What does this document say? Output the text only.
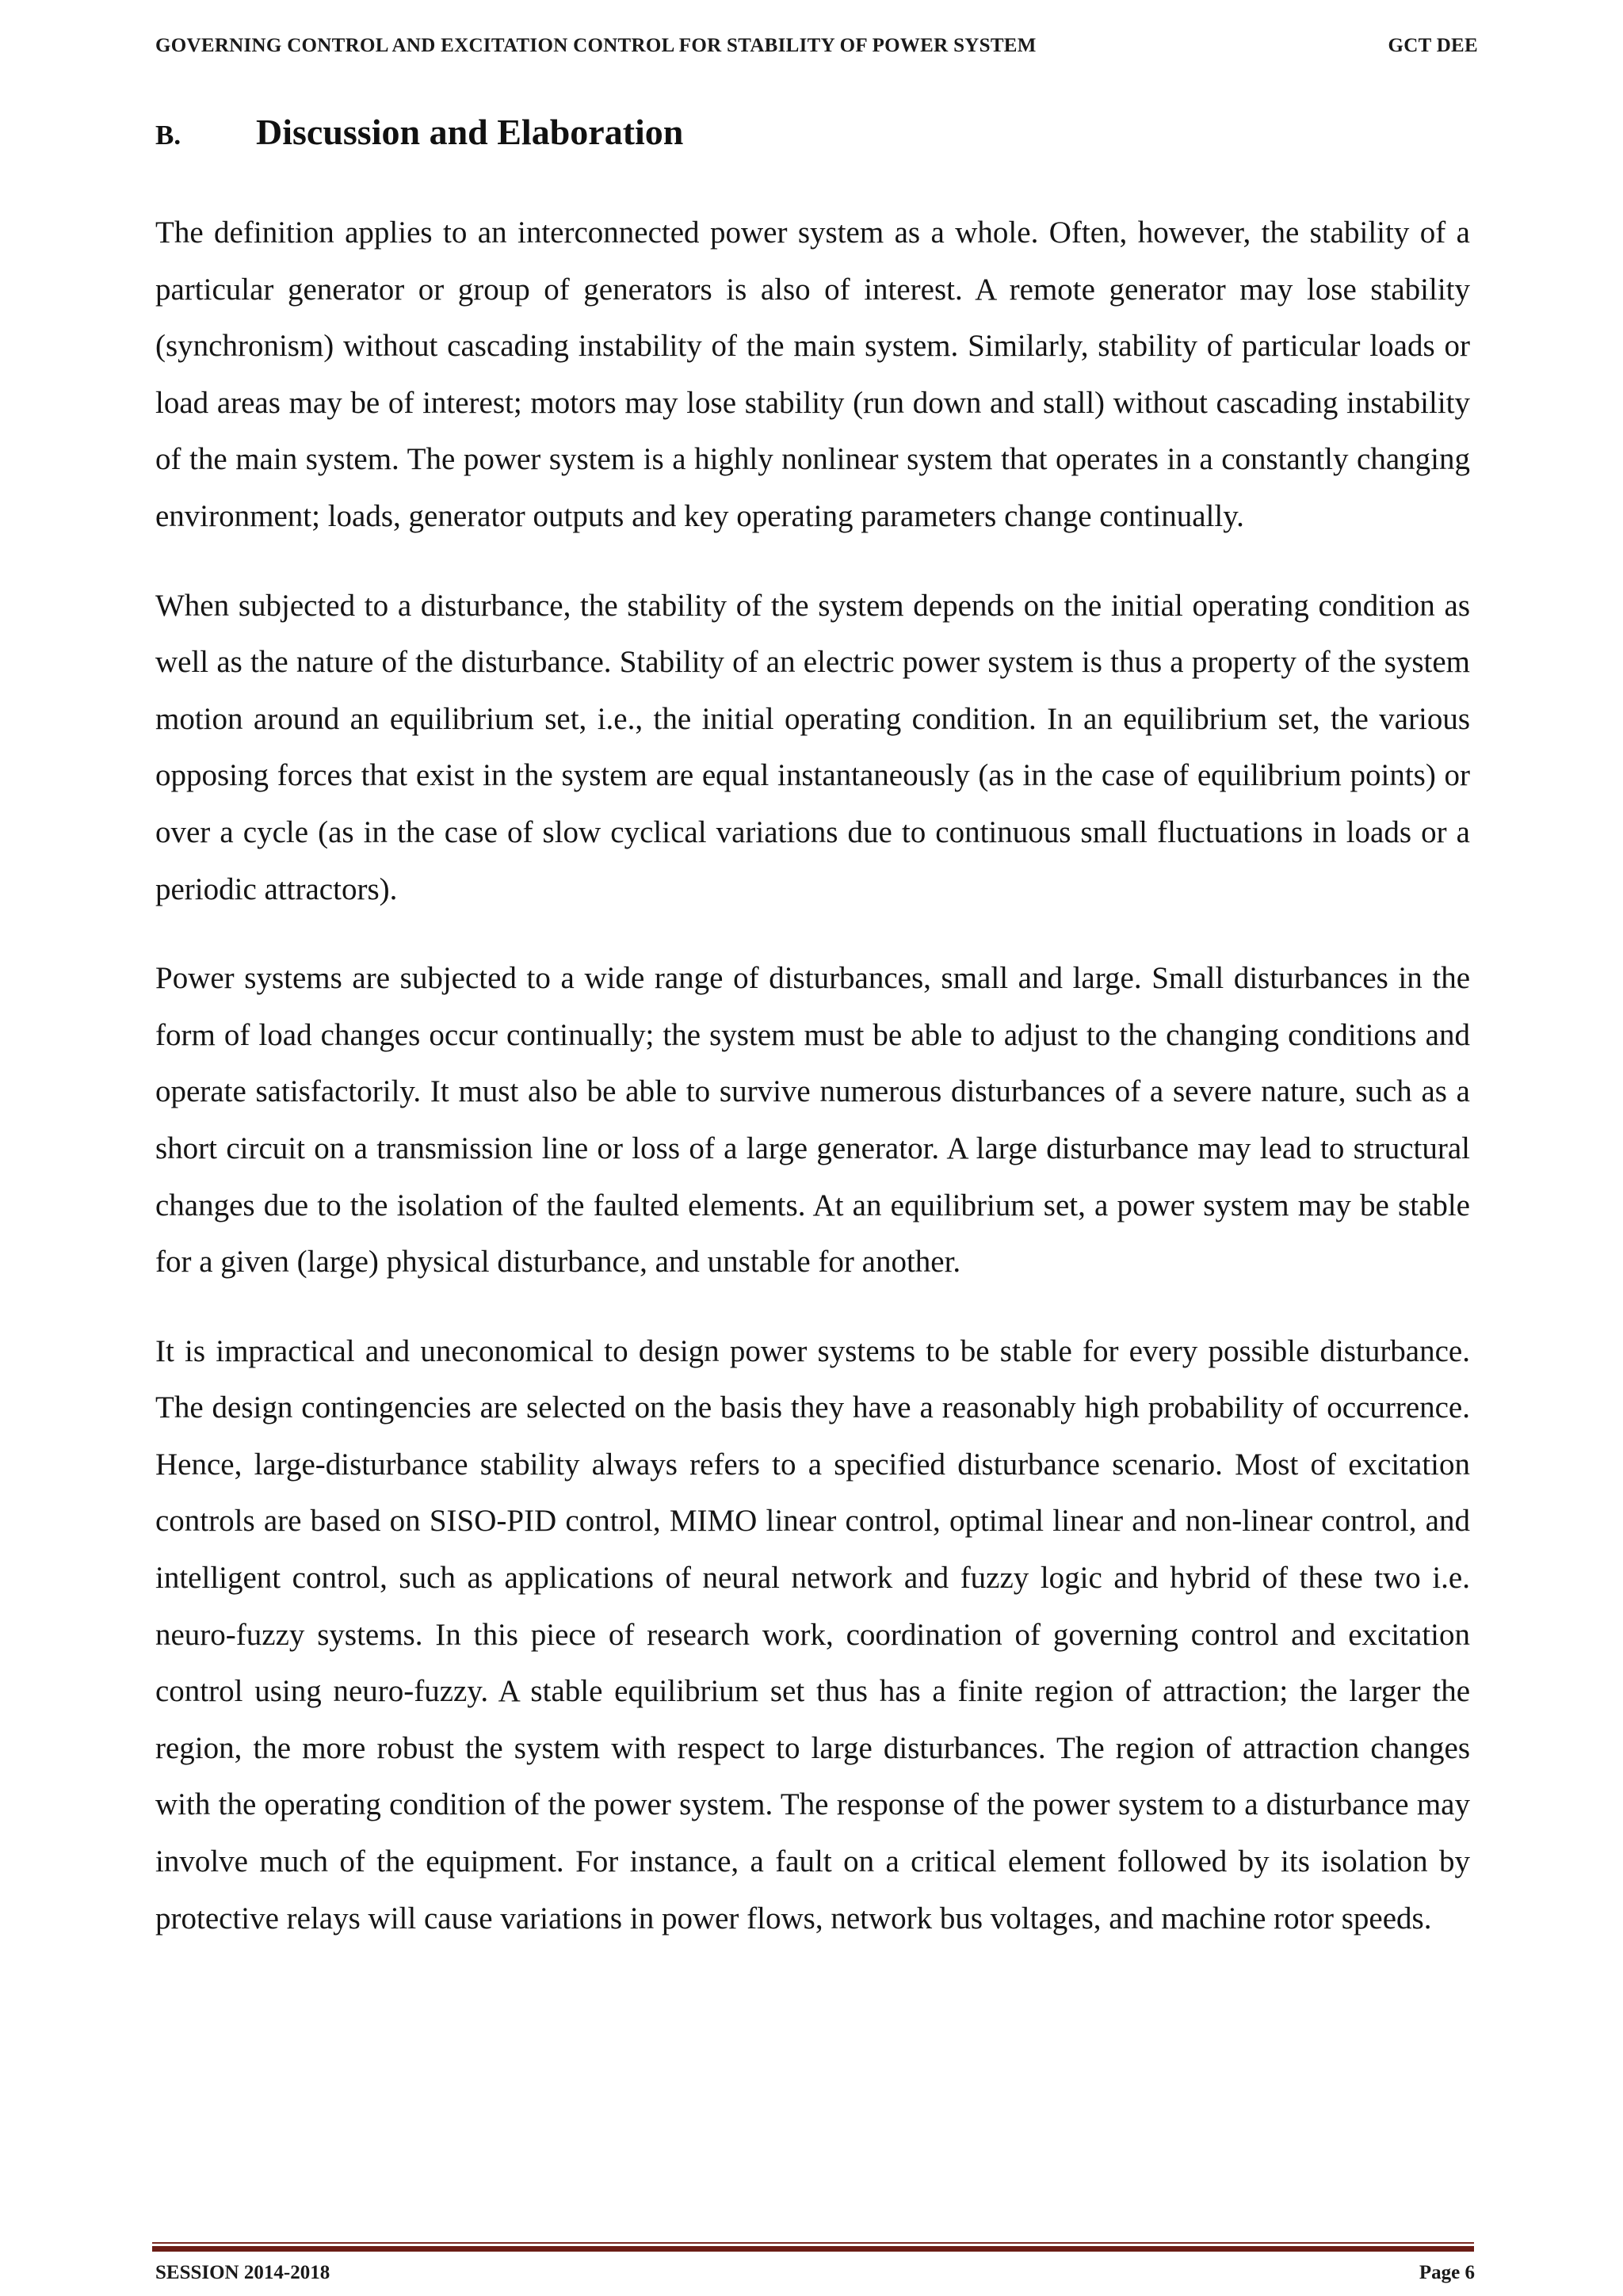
GOVERNING CONTROL AND EXCITATION CONTROL FOR STABILITY OF POWER SYSTEM	GCT DEE
B.	Discussion and Elaboration

The definition applies to an interconnected power system as a whole. Often, however, the stability of a particular generator or group of generators is also of interest. A remote generator may lose stability (synchronism) without cascading instability of the main system. Similarly, stability of particular loads or load areas may be of interest; motors may lose stability (run down and stall) without cascading instability of the main system. The power system is a highly nonlinear system that operates in a constantly changing environment; loads, generator outputs and key operating parameters change continually.

When subjected to a disturbance, the stability of the system depends on the initial operating condition as well as the nature of the disturbance. Stability of an electric power system is thus a property of the system motion around an equilibrium set, i.e., the initial operating condition. In an equilibrium set, the various opposing forces that exist in the system are equal instantaneously (as in the case of equilibrium points) or over a cycle (as in the case of slow cyclical variations due to continuous small fluctuations in loads or a periodic attractors).

Power systems are subjected to a wide range of disturbances, small and large. Small disturbances in the form of load changes occur continually; the system must be able to adjust to the changing conditions and operate satisfactorily. It must also be able to survive numerous disturbances of a severe nature, such as a short circuit on a transmission line or loss of a large generator. A large disturbance may lead to structural changes due to the isolation of the faulted elements. At an equilibrium set, a power system may be stable for a given (large) physical disturbance, and unstable for another.

It is impractical and uneconomical to design power systems to be stable for every possible disturbance. The design contingencies are selected on the basis they have a reasonably high probability of occurrence. Hence, large-disturbance stability always refers to a specified disturbance scenario. Most of excitation controls are based on SISO-PID control, MIMO linear control, optimal linear and non-linear control, and intelligent control, such as applications of neural network and fuzzy logic and hybrid of these two i.e. neuro-fuzzy systems. In this piece of research work, coordination of governing control and excitation control using neuro-fuzzy. A stable equilibrium set thus has a finite region of attraction; the larger the region, the more robust the system with respect to large disturbances. The region of attraction changes with the operating condition of the power system. The response of the power system to a disturbance may involve much of the equipment. For instance, a fault on a critical element followed by its isolation by protective relays will cause variations in power flows, network bus voltages, and machine rotor speeds.

SESSION 2014-2018	Page 6
